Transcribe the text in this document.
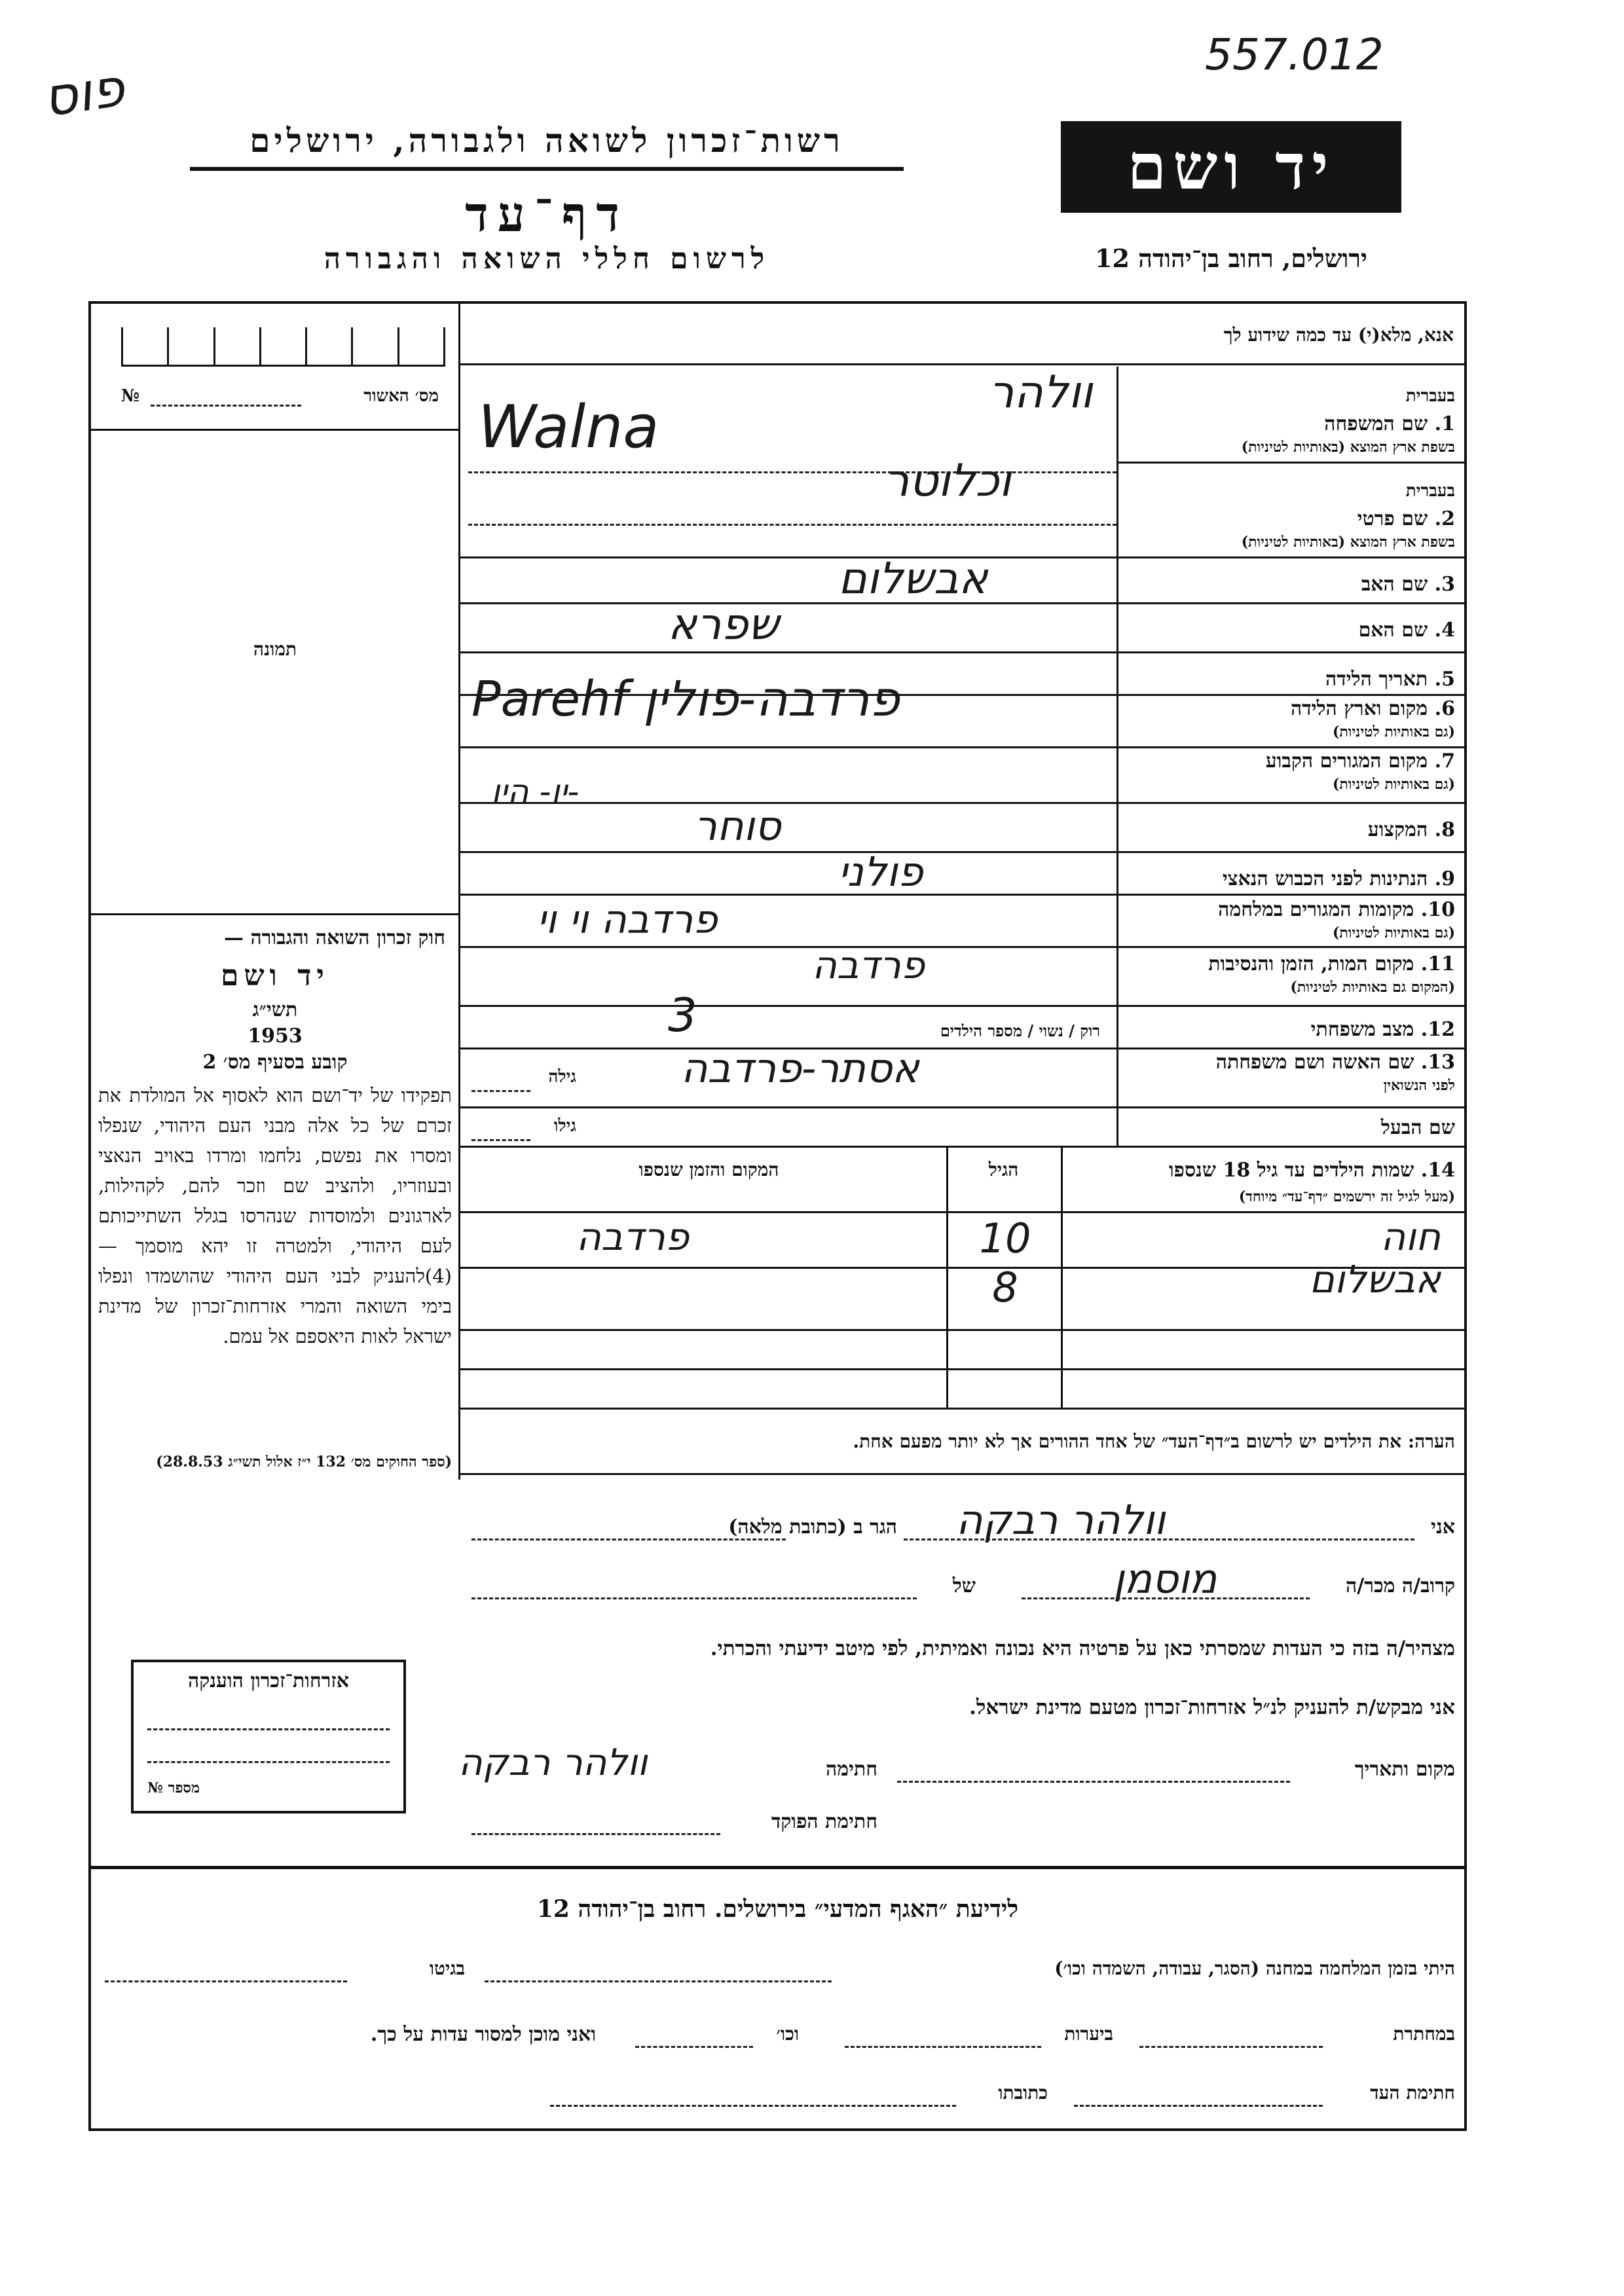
פוס
557.012
רשות־זכרון לשואה ולגבורה, ירושלים
דף־עד
לרשום חללי השואה והגבורה
יד ושם
ירושלים, רחוב בן־יהודה 12
אנא, מלא(י) עד כמה שידוע לך
מס׳ האשור
№
תמונה
חוק זכרון השואה והגבורה —
יד ושם
תשי״ג
1953
קובע בסעיף מס׳ 2
תפקידו של יד־ושם הוא לאסוף אל המולדת את זכרם של כל אלה מבני העם היהודי, שנפלו ומסרו את נפשם, נלחמו ומרדו באויב הנאצי ובעוזריו, ולהציב שם וזכר להם, לקהילות, לארגונים ולמוסדות שנהרסו בגלל השתייכותם לעם היהודי, ולמטרה זו יהא מוסמך — (4)להעניק לבני העם היהודי שהושמדו ונפלו בימי השואה והמרי אזרחות־זכרון של מדינת ישראל לאות היאספם אל עמם.
(ספר החוקים מס׳ 132 י״ז אלול תשי״ג 28.8.53)
אזרחות־זכרון הוענקה
מספר
№
בעברית
1. שם המשפחה
בשפת ארץ המוצא (באותיות לטיניות)
וולהר
Walna
בעברית
2. שם פרטי
בשפת ארץ המוצא (באותיות לטיניות)
וכלוטר
3. שם האב
אבשלום
4. שם האם
שפרא
5. תאריך הלידה
6. מקום וארץ הלידה
(גם באותיות לטיניות)
Parehf פרדבה-פולין
7. מקום המגורים הקבוע
(גם באותיות לטיניות)
-יו- היו
8. המקצוע
סוחר
9. הנתינות לפני הכבוש הנאצי
פולני
10. מקומות המגורים במלחמה
(גם באותיות לטיניות)
פרדבה וי וי
11. מקום המות, הזמן והנסיבות
(המקום גם באותיות לטיניות)
פרדבה
12. מצב משפחתי
רוק / נשוי / מספר הילדים
3
13. שם האשה ושם משפחתה
לפני הנשואין
גילה	אסתר-פרדבה
שם הבעל
גילו
14. שמות הילדים עד גיל 18 שנספו
(מעל לגיל זה ירשמים ״דף־עד״ מיוחד)
הגיל
המקום והזמן שנספו
חוה
10
פרדבה
אבשלום
8
הערה: את הילדים יש לרשום ב״דף־העד״ של אחד ההורים אך לא יותר מפעם אחת.
אני
וולהר רבקה
הגר ב (כתובת מלאה)
קרוב/ה מכר/ה
מוסמן
של
מצהיר/ה בזה כי העדות שמסרתי כאן על פרטיה היא נכונה ואמיתית, לפי מיטב ידיעתי והכרתי.
אני מבקש/ת להעניק לנ״ל אזרחות־זכרון מטעם מדינת ישראל.
מקום ותאריך
חתימה
וולהר רבקה
חתימת הפוקד
לידיעת ״האגף המדעי״ בירושלים. רחוב בן־יהודה 12
היתי בזמן המלחמה במחנה (הסגר, עבודה, השמדה וכו׳)
בגיטו
במחתרת
ביערות
וכו׳
ואני מוכן למסור עדות על כך.
חתימת העד
כתובתו
